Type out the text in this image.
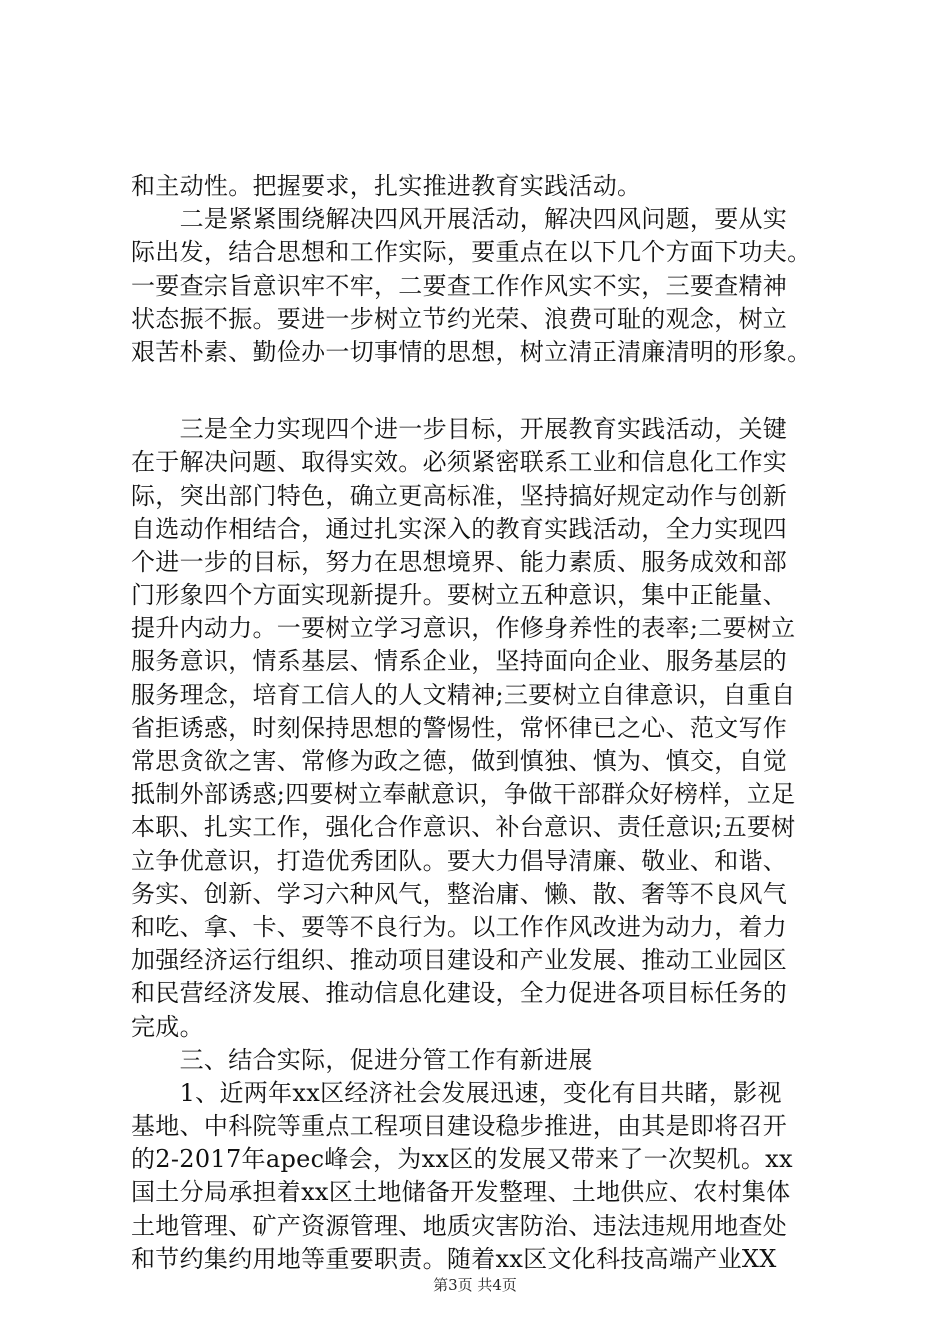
和主动性。把握要求，扎实推进教育实践活动。
　　二是紧紧围绕解决四风开展活动，解决四风问题，要从实
际出发，结合思想和工作实际，要重点在以下几个方面下功夫。
一要查宗旨意识牢不牢，二要查工作作风实不实，三要查精神
状态振不振。要进一步树立节约光荣、浪费可耻的观念，树立
艰苦朴素、勤俭办一切事情的思想，树立清正清廉清明的形象。
　　三是全力实现四个进一步目标，开展教育实践活动，关键
在于解决问题、取得实效。必须紧密联系工业和信息化工作实
际，突出部门特色，确立更高标准，坚持搞好规定动作与创新
自选动作相结合，通过扎实深入的教育实践活动，全力实现四
个进一步的目标，努力在思想境界、能力素质、服务成效和部
门形象四个方面实现新提升。要树立五种意识，集中正能量、
提升内动力。一要树立学习意识，作修身养性的表率;二要树立
服务意识，情系基层、情系企业，坚持面向企业、服务基层的
服务理念，培育工信人的人文精神;三要树立自律意识，自重自
省拒诱惑，时刻保持思想的警惕性，常怀律已之心、范文写作
常思贪欲之害、常修为政之德，做到慎独、慎为、慎交，自觉
抵制外部诱惑;四要树立奉献意识，争做干部群众好榜样，立足
本职、扎实工作，强化合作意识、补台意识、责任意识;五要树
立争优意识，打造优秀团队。要大力倡导清廉、敬业、和谐、
务实、创新、学习六种风气，整治庸、懒、散、奢等不良风气
和吃、拿、卡、要等不良行为。以工作作风改进为动力，着力
加强经济运行组织、推动项目建设和产业发展、推动工业园区
和民营经济发展、推动信息化建设，全力促进各项目标任务的
完成。
　　三、结合实际，促进分管工作有新进展
　　1、近两年xx区经济社会发展迅速，变化有目共睹，影视
基地、中科院等重点工程项目建设稳步推进，由其是即将召开
的2-2017年apec峰会，为xx区的发展又带来了一次契机。xx
国土分局承担着xx区土地储备开发整理、土地供应、农村集体
土地管理、矿产资源管理、地质灾害防治、违法违规用地查处
和节约集约用地等重要职责。随着xx区文化科技高端产业XX
第3页 共4页
